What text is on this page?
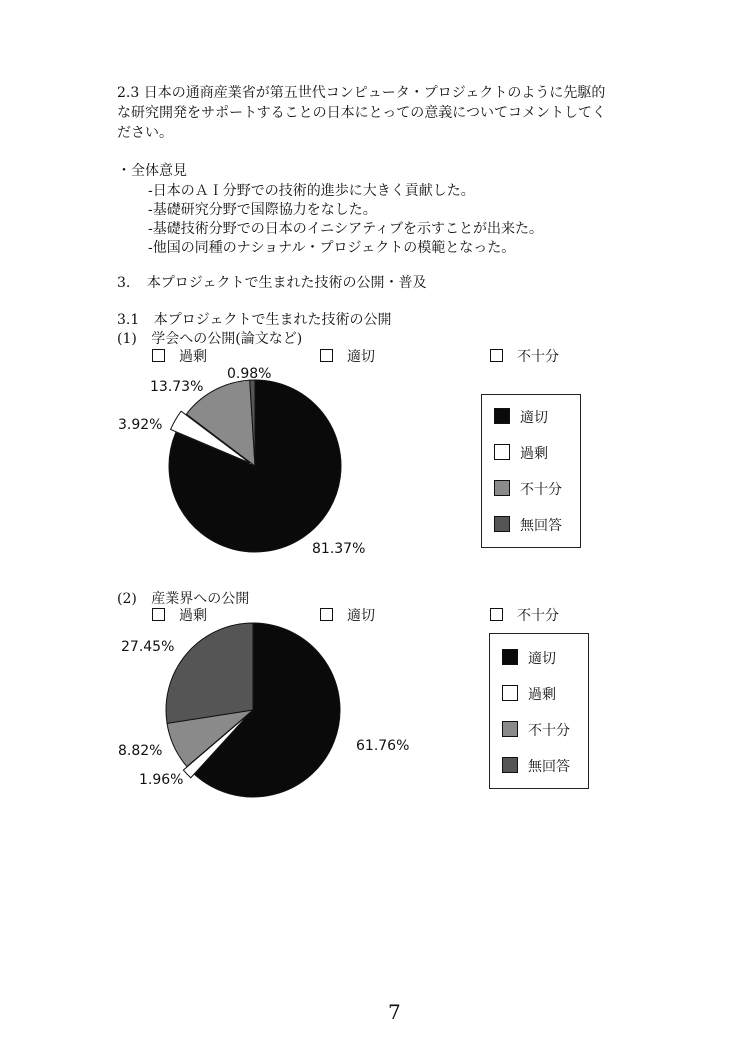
2.3 日本の通商産業省が第五世代コンピュータ・プロジェクトのように先駆的
な研究開発をサポートすることの日本にとっての意義についてコメントしてく
ださい。
・全体意見
-日本のＡＩ分野での技術的進歩に大きく貢献した。
-基礎研究分野で国際協力をなした。
-基礎技術分野での日本のイニシアティブを示すことが出来た。
-他国の同種のナショナル・プロジェクトの模範となった。
3. 本プロジェクトで生まれた技術の公開・普及
3.1 本プロジェクトで生まれた技術の公開
(1) 学会への公開(論文など)
過剰	適切	不十分
0.98%
13.73%
3.92%
81.37%
適切
過剰
不十分
無回答
(2) 産業界への公開
過剰	適切	不十分
27.45%
8.82%
1.96%
61.76%
適切
過剰
不十分
無回答
7
